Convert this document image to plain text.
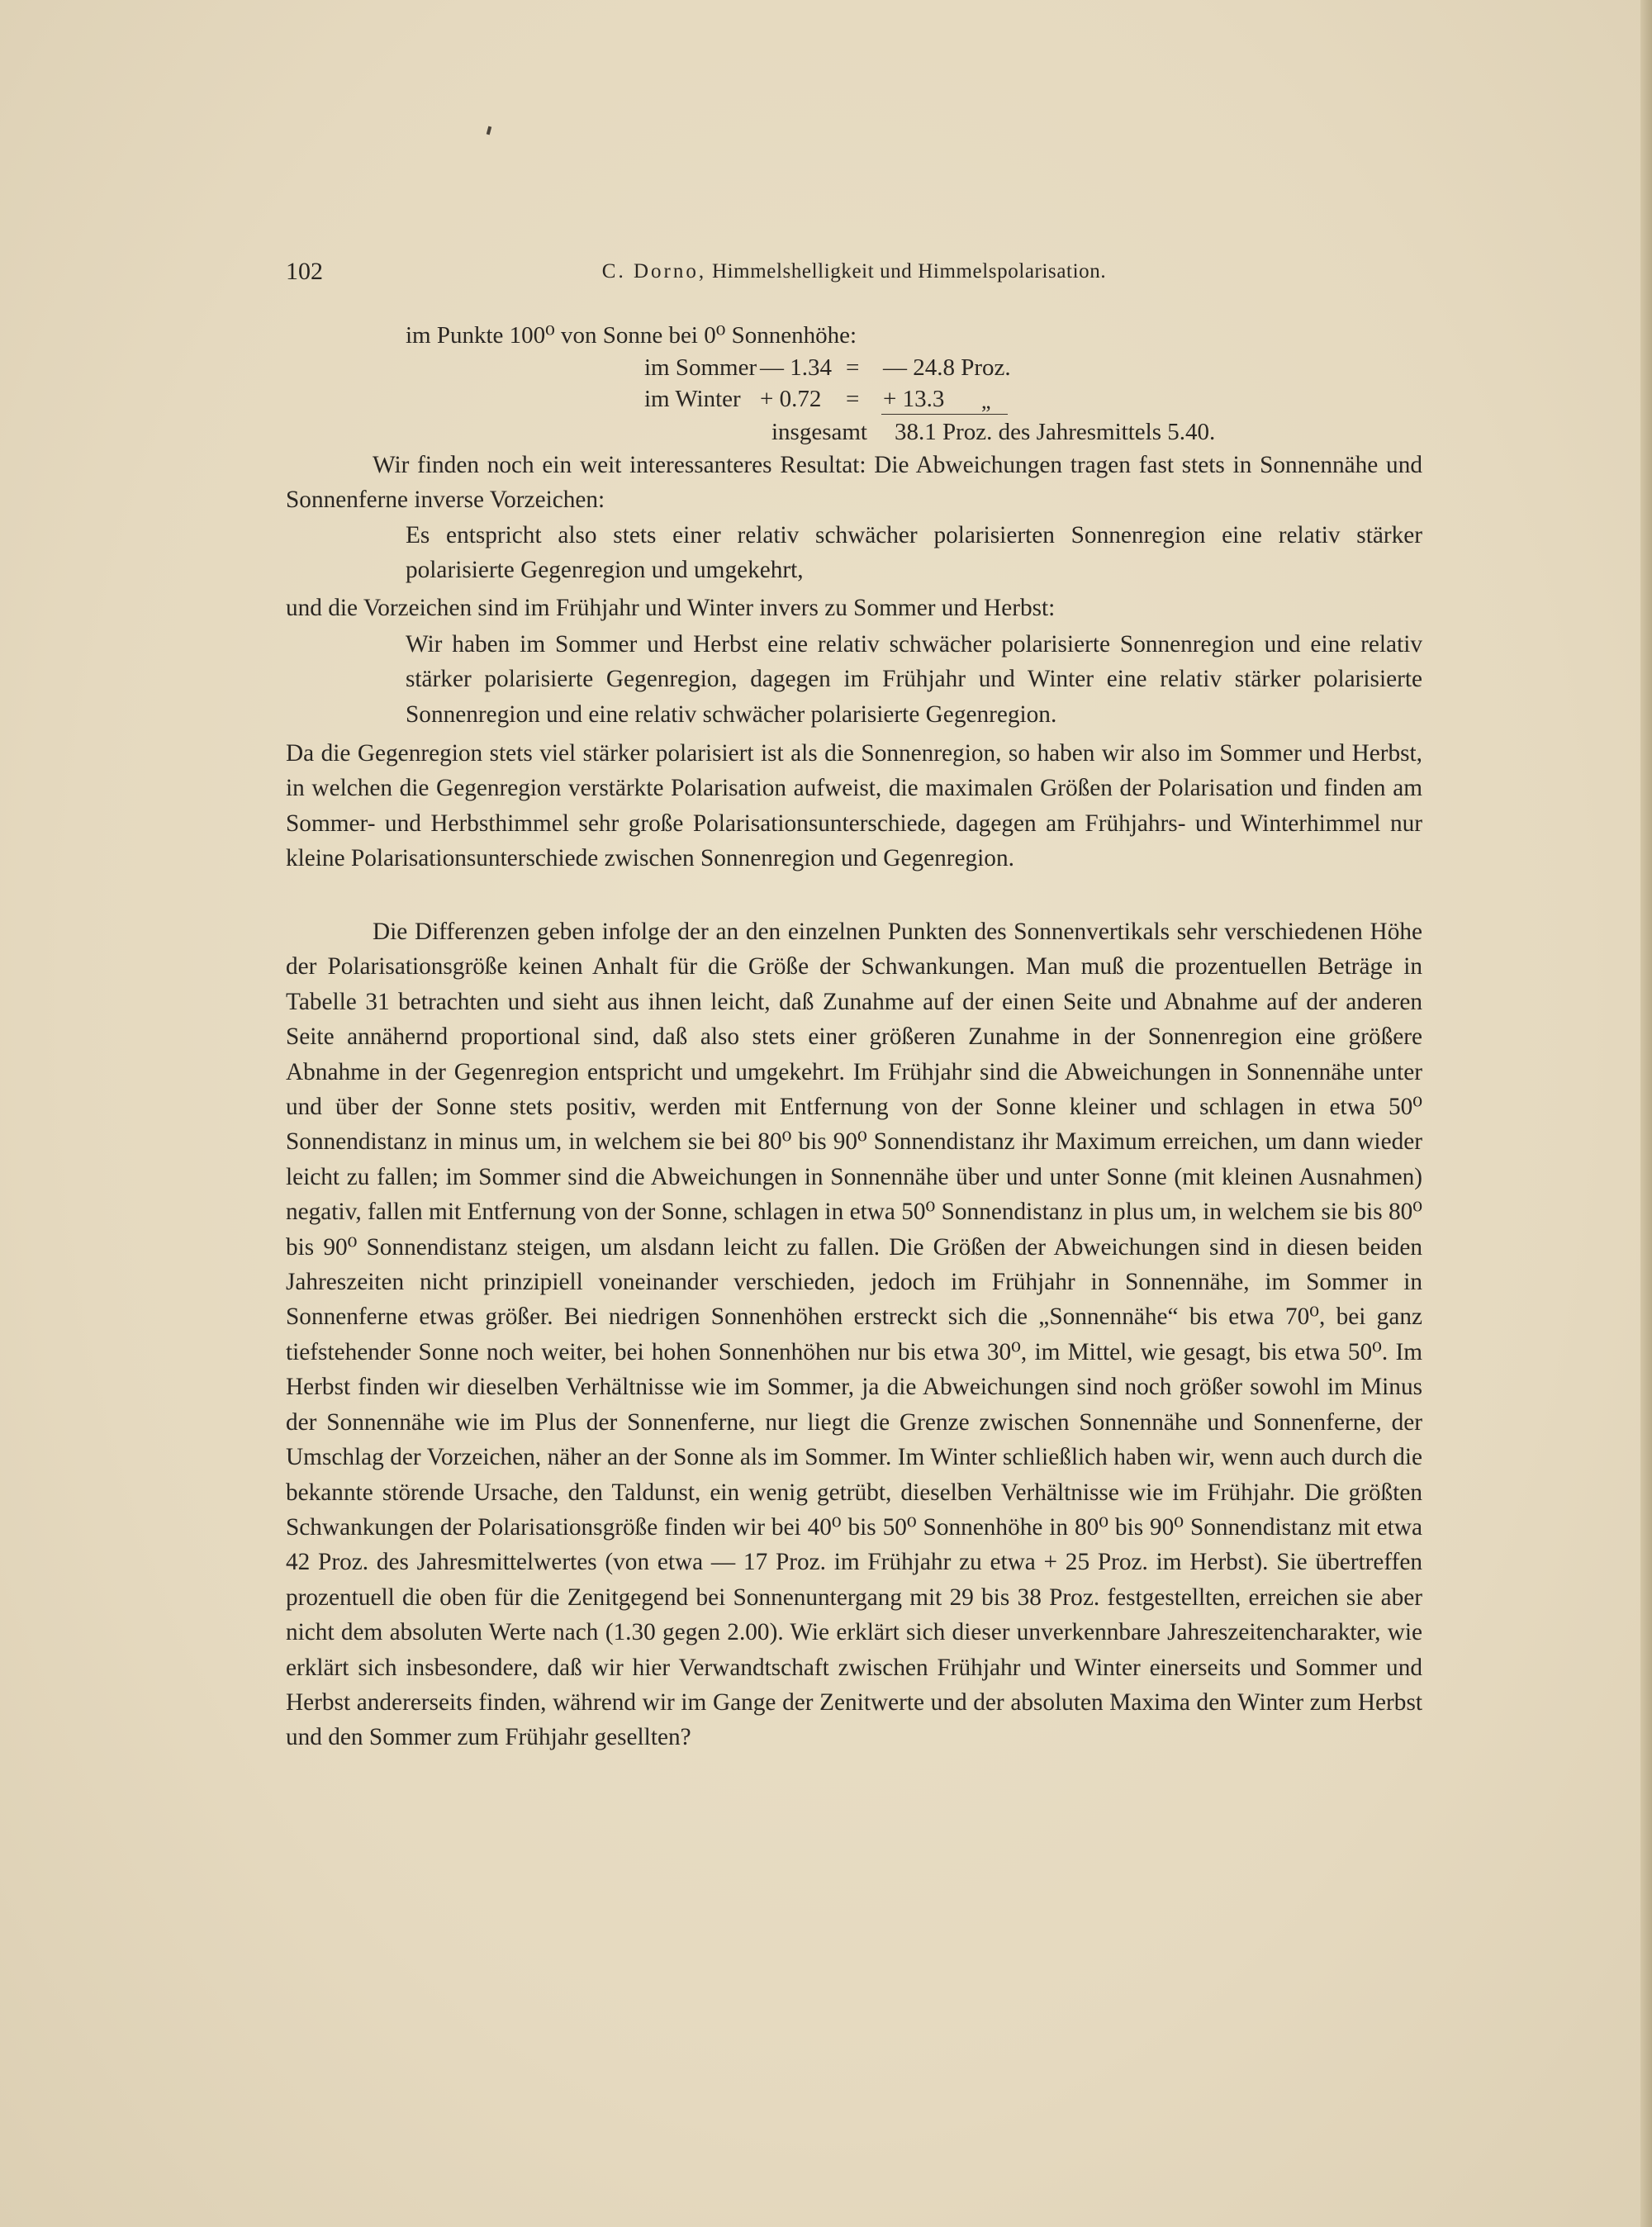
102	C. Dorno, Himmelshelligkeit und Himmelspolarisation.
im Punkte 100⁰ von Sonne bei 0⁰ Sonnenhöhe:
im Sommer — 1.34 = — 24.8 Proz.
im Winter + 0.72 = + 13.3 „
insgesamt 38.1 Proz. des Jahresmittels 5.40.

Wir finden noch ein weit interessanteres Resultat: Die Abweichungen tragen fast stets in Sonnennähe und Sonnenferne inverse Vorzeichen:

Es entspricht also stets einer relativ schwächer polarisierten Sonnenregion eine relativ stärker polarisierte Gegenregion und umgekehrt,

und die Vorzeichen sind im Frühjahr und Winter invers zu Sommer und Herbst:

Wir haben im Sommer und Herbst eine relativ schwächer polarisierte Sonnenregion und eine relativ stärker polarisierte Gegenregion, dagegen im Frühjahr und Winter eine relativ stärker polarisierte Sonnenregion und eine relativ schwächer polarisierte Gegenregion.

Da die Gegenregion stets viel stärker polarisiert ist als die Sonnenregion, so haben wir also im Sommer und Herbst, in welchen die Gegenregion verstärkte Polarisation aufweist, die maximalen Größen der Polarisation und finden am Sommer- und Herbsthimmel sehr große Polarisationsunterschiede, dagegen am Frühjahrs- und Winterhimmel nur kleine Polarisationsunterschiede zwischen Sonnenregion und Gegenregion.

Die Differenzen geben infolge der an den einzelnen Punkten des Sonnenvertikals sehr verschiedenen Höhe der Polarisationsgröße keinen Anhalt für die Größe der Schwankungen. Man muß die prozentuellen Beträge in Tabelle 31 betrachten und sieht aus ihnen leicht, daß Zunahme auf der einen Seite und Abnahme auf der anderen Seite annähernd proportional sind, daß also stets einer größeren Zunahme in der Sonnenregion eine größere Abnahme in der Gegenregion entspricht und umgekehrt. Im Frühjahr sind die Abweichungen in Sonnennähe unter und über der Sonne stets positiv, werden mit Entfernung von der Sonne kleiner und schlagen in etwa 50⁰ Sonnendistanz in minus um, in welchem sie bei 80⁰ bis 90⁰ Sonnendistanz ihr Maximum erreichen, um dann wieder leicht zu fallen; im Sommer sind die Abweichungen in Sonnennähe über und unter Sonne (mit kleinen Ausnahmen) negativ, fallen mit Entfernung von der Sonne, schlagen in etwa 50⁰ Sonnendistanz in plus um, in welchem sie bis 80⁰ bis 90⁰ Sonnendistanz steigen, um alsdann leicht zu fallen. Die Größen der Abweichungen sind in diesen beiden Jahreszeiten nicht prinzipiell voneinander verschieden, jedoch im Frühjahr in Sonnennähe, im Sommer in Sonnenferne etwas größer. Bei niedrigen Sonnenhöhen erstreckt sich die „Sonnennähe“ bis etwa 70⁰, bei ganz tiefstehender Sonne noch weiter, bei hohen Sonnenhöhen nur bis etwa 30⁰, im Mittel, wie gesagt, bis etwa 50⁰. Im Herbst finden wir dieselben Verhältnisse wie im Sommer, ja die Abweichungen sind noch größer sowohl im Minus der Sonnennähe wie im Plus der Sonnenferne, nur liegt die Grenze zwischen Sonnennähe und Sonnenferne, der Umschlag der Vorzeichen, näher an der Sonne als im Sommer. Im Winter schließlich haben wir, wenn auch durch die bekannte störende Ursache, den Taldunst, ein wenig getrübt, dieselben Verhältnisse wie im Frühjahr. Die größten Schwankungen der Polarisationsgröße finden wir bei 40⁰ bis 50⁰ Sonnenhöhe in 80⁰ bis 90⁰ Sonnendistanz mit etwa 42 Proz. des Jahresmittelwertes (von etwa — 17 Proz. im Frühjahr zu etwa + 25 Proz. im Herbst). Sie übertreffen prozentuell die oben für die Zenitgegend bei Sonnenuntergang mit 29 bis 38 Proz. festgestellten, erreichen sie aber nicht dem absoluten Werte nach (1.30 gegen 2.00). Wie erklärt sich dieser unverkennbare Jahreszeitencharakter, wie erklärt sich insbesondere, daß wir hier Verwandtschaft zwischen Frühjahr und Winter einerseits und Sommer und Herbst andererseits finden, während wir im Gange der Zenitwerte und der absoluten Maxima den Winter zum Herbst und den Sommer zum Frühjahr gesellten?
